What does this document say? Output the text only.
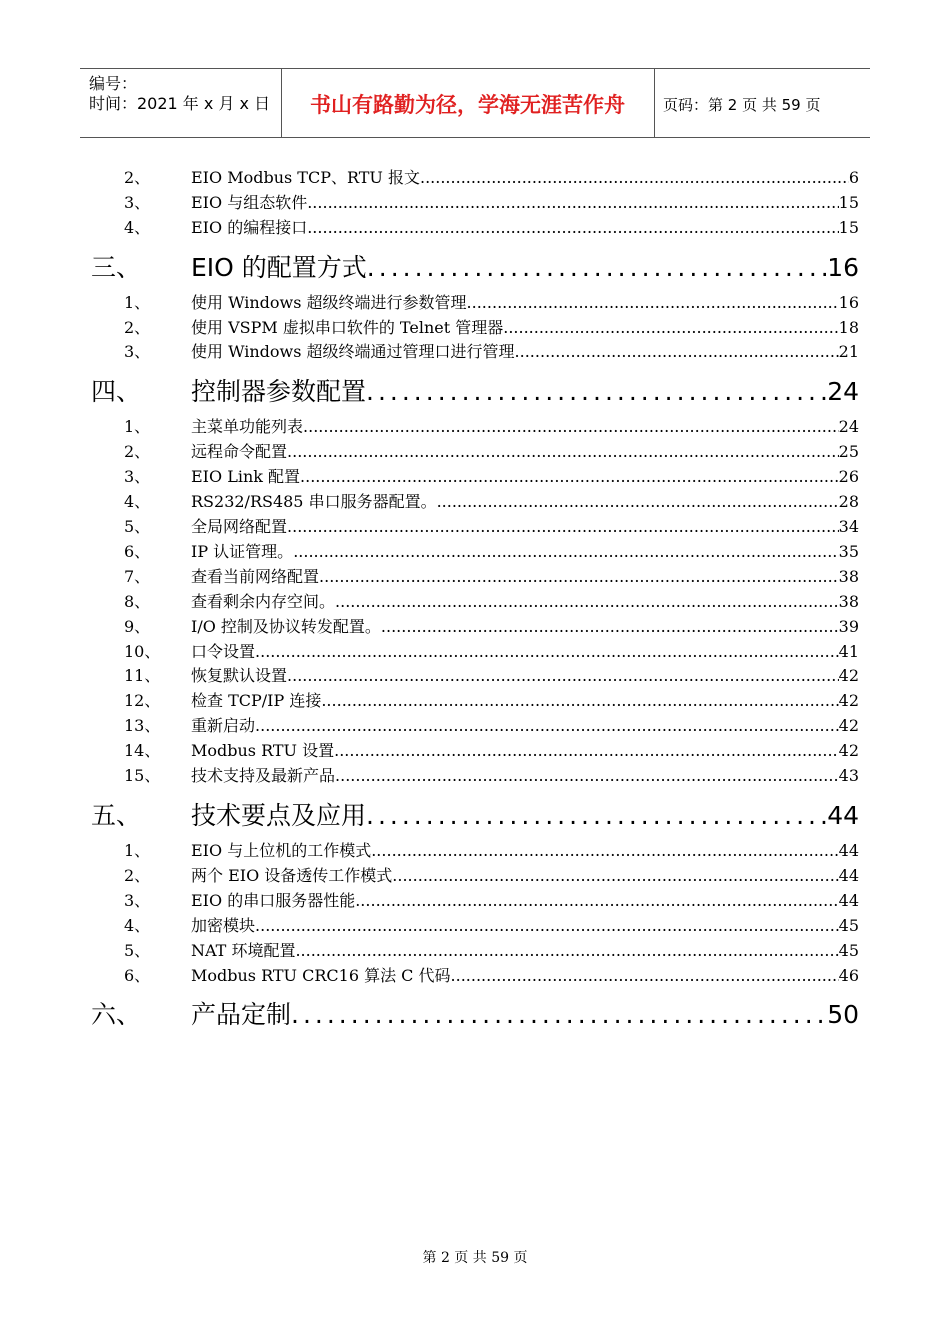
编号：
时间：2021 年 x 月 x 日	书山有路勤为径，学海无涯苦作舟	页码：第 2 页 共 59 页
2、	EIO Modbus TCP、RTU 报文 .....	6
3、	EIO 与组态软件 .....	15
4、	EIO 的编程接口 .....	15
三、 EIO 的配置方式 .....	16
1、	使用 Windows 超级终端进行参数管理 .....	16
2、	使用 VSPM 虚拟串口软件的 Telnet 管理器 .....	18
3、	使用 Windows 超级终端通过管理口进行管理 .....	21
四、 控制器参数配置 .....	24
1、	主菜单功能列表 .....	24
2、	远程命令配置 .....	25
3、	EIO Link 配置 .....	26
4、	RS232/RS485 串口服务器配置。 .....	28
5、	全局网络配置 .....	34
6、	IP 认证管理。 .....	35
7、	查看当前网络配置 .....	38
8、	查看剩余内存空间。 .....	38
9、	I/O 控制及协议转发配置。 .....	39
10、 口令设置 .....	41
11、 恢复默认设置 .....	42
12、 检查 TCP/IP 连接 .....	42
13、 重新启动 .....	42
14、 Modbus RTU 设置 .....	42
15、 技术支持及最新产品 .....	43
五、 技术要点及应用 .....	44
1、	EIO 与上位机的工作模式 .....	44
2、	两个 EIO 设备透传工作模式 .....	44
3、	EIO 的串口服务器性能 .....	44
4、	加密模块 .....	45
5、	NAT 环境配置 .....	45
6、	Modbus RTU CRC16 算法 C 代码 .....	46
六、 产品定制 .....	50
第 2 页 共 59 页
